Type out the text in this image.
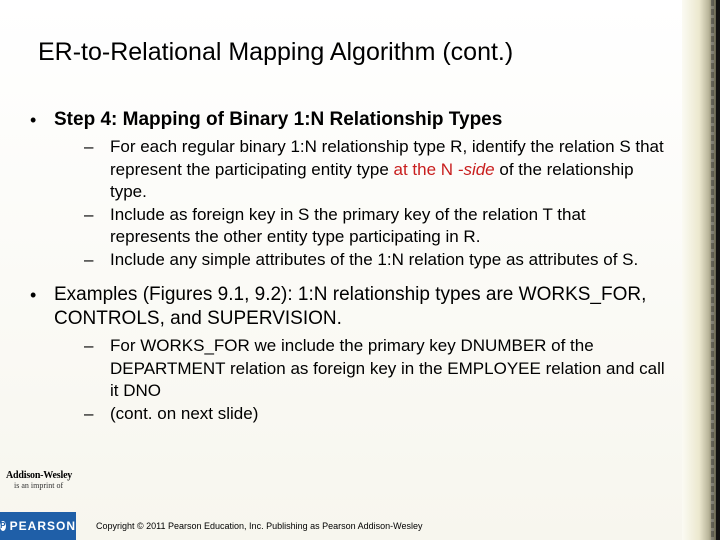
ER-to-Relational Mapping Algorithm (cont.)
• Step 4: Mapping of Binary 1:N Relationship Types
– For each regular binary 1:N relationship type R, identify the relation S that represent the participating entity type at the N -side of the relationship type.
– Include as foreign key in S the primary key of the relation T that represents the other entity type participating in R.
– Include any simple attributes of the 1:N relation type as attributes of S.
• Examples (Figures 9.1, 9.2): 1:N relationship types are WORKS_FOR, CONTROLS, and SUPERVISION.
– For WORKS_FOR we include the primary key DNUMBER of the DEPARTMENT relation as foreign key in the EMPLOYEE relation and call it DNO
– (cont. on next slide)
Addison-Wesley
is an imprint of
P PEARSON Copyright © 2011 Pearson Education, Inc. Publishing as Pearson Addison-Wesley
